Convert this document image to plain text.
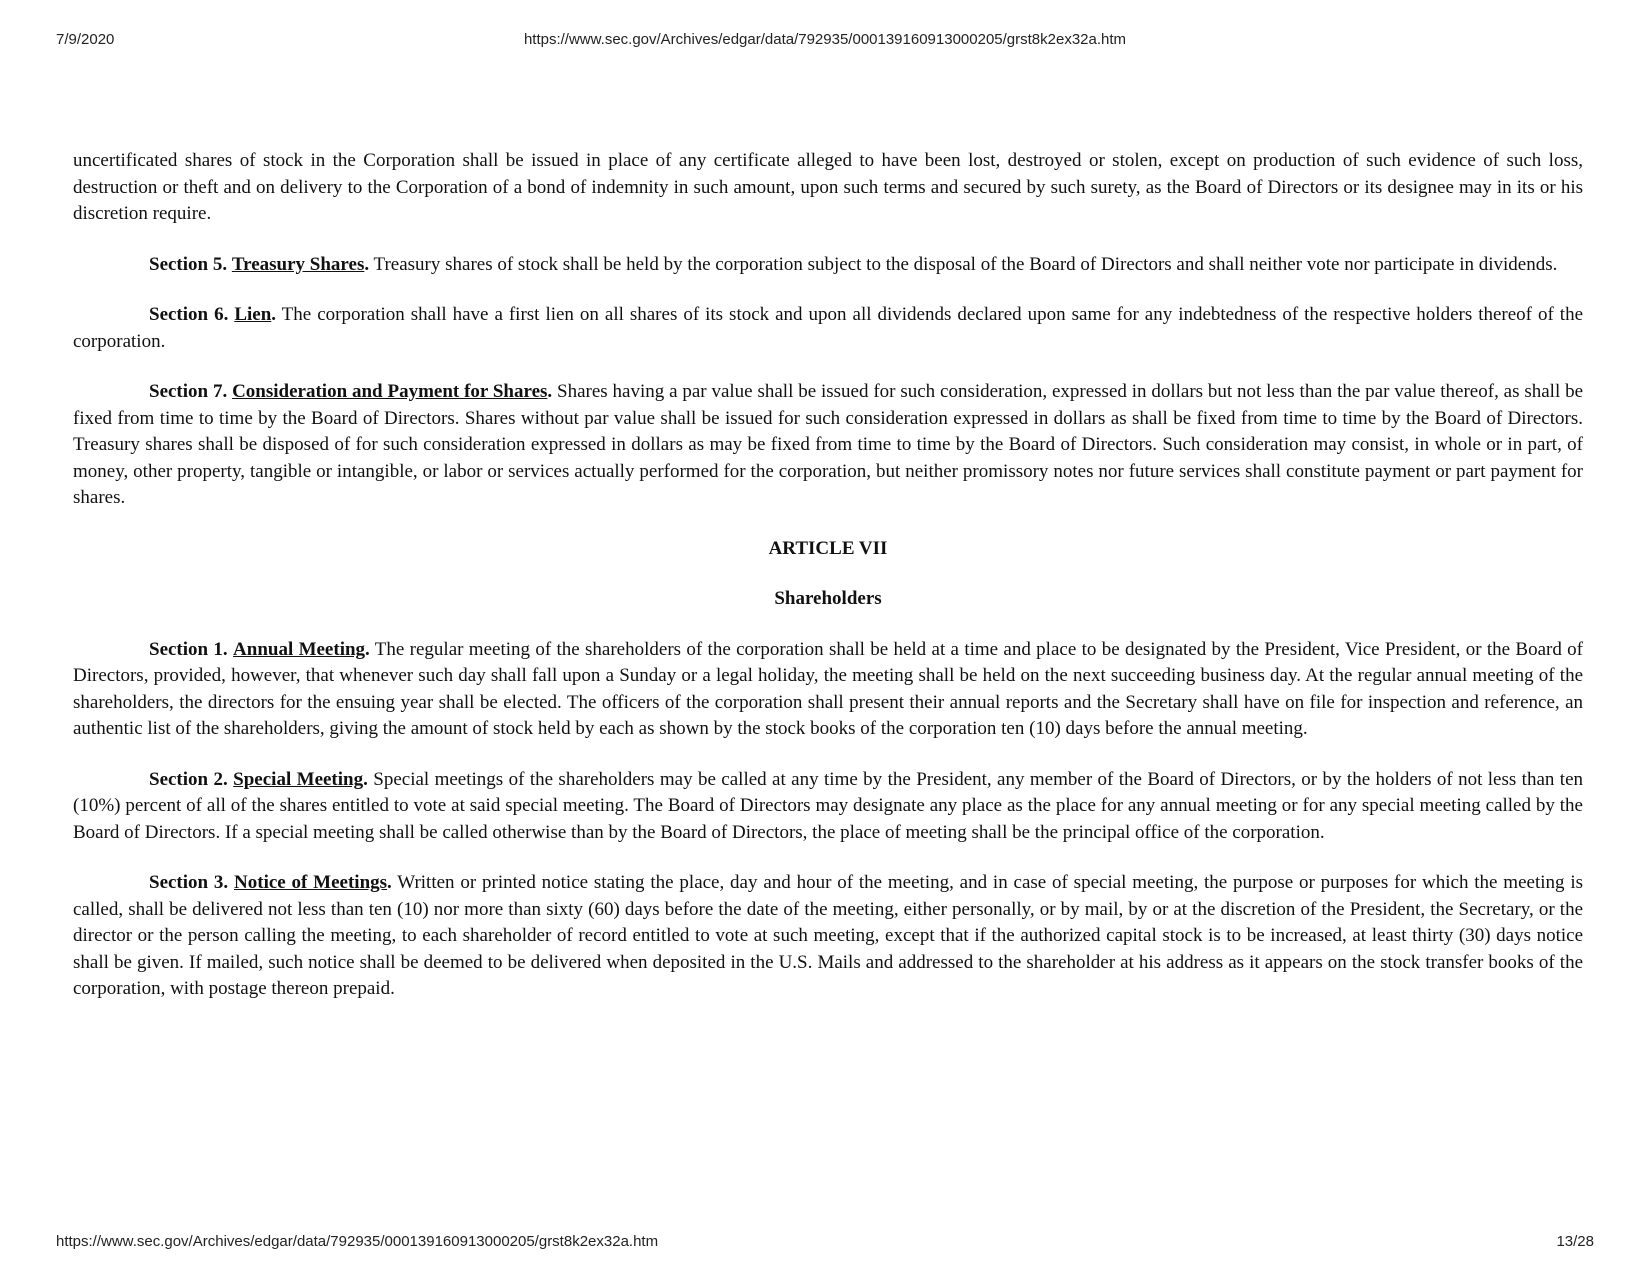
7/9/2020	https://www.sec.gov/Archives/edgar/data/792935/000139160913000205/grst8k2ex32a.htm

uncertificated shares of stock in the Corporation shall be issued in place of any certificate alleged to have been lost, destroyed or stolen, except on production of such evidence of such loss, destruction or theft and on delivery to the Corporation of a bond of indemnity in such amount, upon such terms and secured by such surety, as the Board of Directors or its designee may in its or his discretion require.

Section 5. Treasury Shares. Treasury shares of stock shall be held by the corporation subject to the disposal of the Board of Directors and shall neither vote nor participate in dividends.

Section 6. Lien. The corporation shall have a first lien on all shares of its stock and upon all dividends declared upon same for any indebtedness of the respective holders thereof of the corporation.

Section 7. Consideration and Payment for Shares. Shares having a par value shall be issued for such consideration, expressed in dollars but not less than the par value thereof, as shall be fixed from time to time by the Board of Directors. Shares without par value shall be issued for such consideration expressed in dollars as shall be fixed from time to time by the Board of Directors. Treasury shares shall be disposed of for such consideration expressed in dollars as may be fixed from time to time by the Board of Directors. Such consideration may consist, in whole or in part, of money, other property, tangible or intangible, or labor or services actually performed for the corporation, but neither promissory notes nor future services shall constitute payment or part payment for shares.

ARTICLE VII
Shareholders

Section 1. Annual Meeting. The regular meeting of the shareholders of the corporation shall be held at a time and place to be designated by the President, Vice President, or the Board of Directors, provided, however, that whenever such day shall fall upon a Sunday or a legal holiday, the meeting shall be held on the next succeeding business day. At the regular annual meeting of the shareholders, the directors for the ensuing year shall be elected. The officers of the corporation shall present their annual reports and the Secretary shall have on file for inspection and reference, an authentic list of the shareholders, giving the amount of stock held by each as shown by the stock books of the corporation ten (10) days before the annual meeting.

Section 2. Special Meeting. Special meetings of the shareholders may be called at any time by the President, any member of the Board of Directors, or by the holders of not less than ten (10%) percent of all of the shares entitled to vote at said special meeting. The Board of Directors may designate any place as the place for any annual meeting or for any special meeting called by the Board of Directors. If a special meeting shall be called otherwise than by the Board of Directors, the place of meeting shall be the principal office of the corporation.

Section 3. Notice of Meetings. Written or printed notice stating the place, day and hour of the meeting, and in case of special meeting, the purpose or purposes for which the meeting is called, shall be delivered not less than ten (10) nor more than sixty (60) days before the date of the meeting, either personally, or by mail, by or at the discretion of the President, the Secretary, or the director or the person calling the meeting, to each shareholder of record entitled to vote at such meeting, except that if the authorized capital stock is to be increased, at least thirty (30) days notice shall be given. If mailed, such notice shall be deemed to be delivered when deposited in the U.S. Mails and addressed to the shareholder at his address as it appears on the stock transfer books of the corporation, with postage thereon prepaid.

https://www.sec.gov/Archives/edgar/data/792935/000139160913000205/grst8k2ex32a.htm	13/28
